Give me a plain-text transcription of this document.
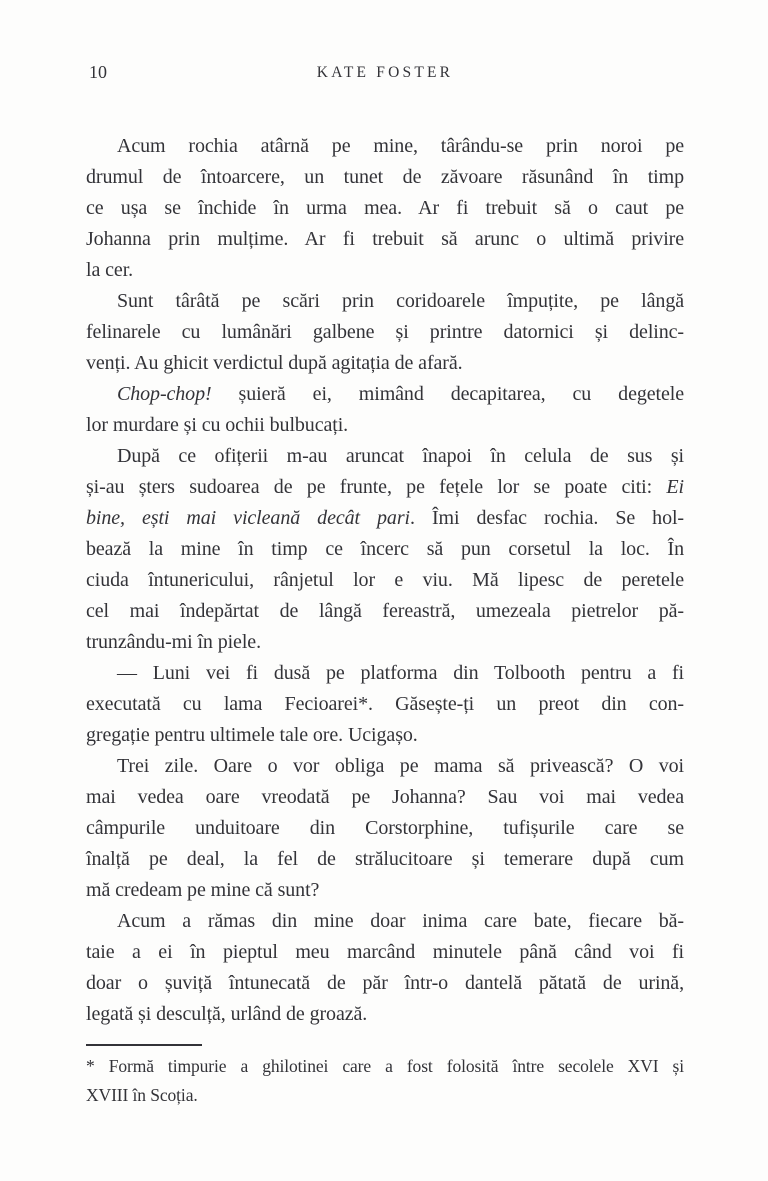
10	KATE FOSTER

Acum rochia atârnă pe mine, târându-se prin noroi pe
drumul de întoarcere, un tunet de zăvoare răsunând în timp
ce ușa se închide în urma mea. Ar fi trebuit să o caut pe
Johanna prin mulțime. Ar fi trebuit să arunc o ultimă privire
la cer.

Sunt târâtă pe scări prin coridoarele împuțite, pe lângă
felinarele cu lumânări galbene și printre datornici și delinc-
venți. Au ghicit verdictul după agitația de afară.

Chop-chop! șuieră ei, mimând decapitarea, cu degetele
lor murdare și cu ochii bulbucați.

După ce ofițerii m-au aruncat înapoi în celula de sus și
și-au șters sudoarea de pe frunte, pe fețele lor se poate citi: Ei
bine, ești mai vicleană decât pari. Îmi desfac rochia. Se hol-
bează la mine în timp ce încerc să pun corsetul la loc. În
ciuda întunericului, rânjetul lor e viu. Mă lipesc de peretele
cel mai îndepărtat de lângă fereastră, umezeala pietrelor pă-
trunzându-mi în piele.

— Luni vei fi dusă pe platforma din Tolbooth pentru a fi
executată cu lama Fecioarei*. Găsește-ți un preot din con-
gregație pentru ultimele tale ore. Ucigașo.

Trei zile. Oare o vor obliga pe mama să privească? O voi
mai vedea oare vreodată pe Johanna? Sau voi mai vedea
câmpurile unduitoare din Corstorphine, tufișurile care se
înalță pe deal, la fel de strălucitoare și temerare după cum
mă credeam pe mine că sunt?

Acum a rămas din mine doar inima care bate, fiecare bă-
taie a ei în pieptul meu marcând minutele până când voi fi
doar o șuviță întunecată de păr într-o dantelă pătată de urină,
legată și desculță, urlând de groază.

* Formă timpurie a ghilotinei care a fost folosită între secolele XVI și
XVIII în Scoția.
